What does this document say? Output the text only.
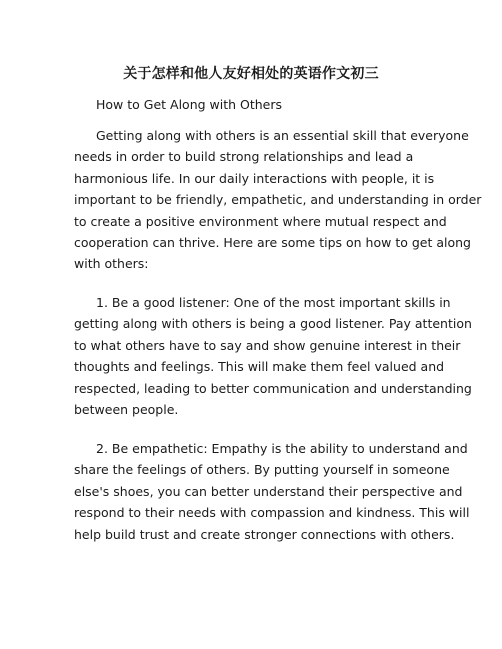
关于怎样和他人友好相处的英语作文初三
How to Get Along with Others
Getting along with others is an essential skill that everyone
needs in order to build strong relationships and lead a
harmonious life. In our daily interactions with people, it is
important to be friendly, empathetic, and understanding in order
to create a positive environment where mutual respect and
cooperation can thrive. Here are some tips on how to get along
with others:
1. Be a good listener: One of the most important skills in
getting along with others is being a good listener. Pay attention
to what others have to say and show genuine interest in their
thoughts and feelings. This will make them feel valued and
respected, leading to better communication and understanding
between people.
2. Be empathetic: Empathy is the ability to understand and
share the feelings of others. By putting yourself in someone
else's shoes, you can better understand their perspective and
respond to their needs with compassion and kindness. This will
help build trust and create stronger connections with others.
